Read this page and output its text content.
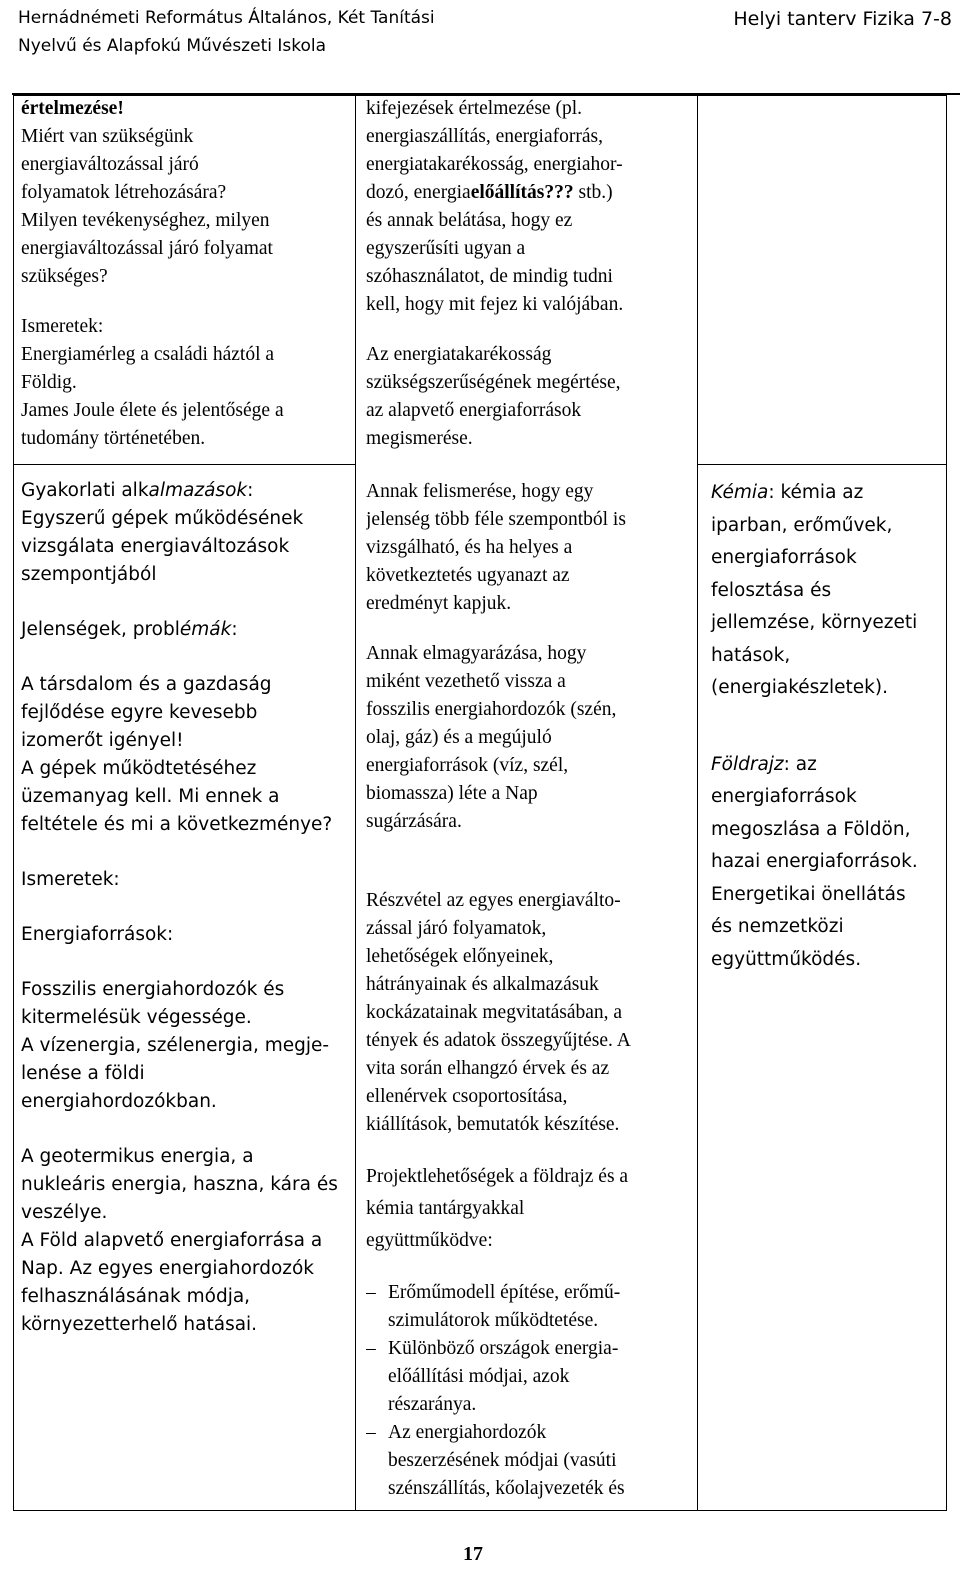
Hernádnémeti Református Általános, Két Tanítási
Nyelvű és Alapfokú Művészeti Iskola
Helyi tanterv Fizika 7-8
értelmezése!
Miért van szükségünk
energiaváltozással járó
folyamatok létrehozására?
Milyen tevékenységhez, milyen
energiaváltozással járó folyamat
szükséges?
Ismeretek:
Energiamérleg a családi háztól a
Földig.
James Joule élete és jelentősége a
tudomány történetében.
Gyakorlati alkalmazások:
Egyszerű gépek működésének
vizsgálata energiaváltozások
szempontjából
Jelenségek, problémák:
A társdalom és a gazdaság
fejlődése egyre kevesebb
izomerőt igényel!
A gépek működtetéséhez
üzemanyag kell. Mi ennek a
feltétele és mi a következménye?
Ismeretek:
Energiaforrások:
Fosszilis energiahordozók és
kitermelésük végessége.
A vízenergia, szélenergia, megje-
lenése a földi
energiahordozókban.
A geotermikus energia, a
nukleáris energia, haszna, kára és
veszélye.
A Föld alapvető energiaforrása a
Nap. Az egyes energiahordozók
felhasználásának módja,
környezetterhelő hatásai.
kifejezések értelmezése (pl.
energiaszállítás, energiaforrás,
energiatakarékosság, energiahor-
dozó, energiaelőállítás??? stb.)
és annak belátása, hogy ez
egyszerűsíti ugyan a
szóhasználatot, de mindig tudni
kell, hogy mit fejez ki valójában.
Az energiatakarékosság
szükségszerűségének megértése,
az alapvető energiaforrások
megismerése.
Annak felismerése, hogy egy
jelenség több féle szempontból is
vizsgálható, és ha helyes a
következtetés ugyanazt az
eredményt kapjuk.
Annak elmagyarázása, hogy
miként vezethető vissza a
fosszilis energiahordozók (szén,
olaj, gáz) és a megújuló
energiaforrások (víz, szél,
biomassza) léte a Nap
sugárzására.
Részvétel az egyes energiaválto-
zással járó folyamatok,
lehetőségek előnyeinek,
hátrányainak és alkalmazásuk
kockázatainak megvitatásában, a
tények és adatok összegyűjtése. A
vita során elhangzó érvek és az
ellenérvek csoportosítása,
kiállítások, bemutatók készítése.
Projektlehetőségek a földrajz és a
kémia tantárgyakkal
együttműködve:
– Erőműmodell építése, erőmű-
szimulátorok működtetése.
– Különböző országok energia-
előállítási módjai, azok
részaránya.
– Az energiahordozók
beszerzésének módjai (vasúti
szénszállítás, kőolajvezeték és
Kémia: kémia az
iparban, erőművek,
energiaforrások
felosztása és
jellemzése, környezeti
hatások,
(energiakészletek).
Földrajz: az
energiaforrások
megoszlása a Földön,
hazai energiaforrások.
Energetikai önellátás
és nemzetközi
együttműködés.
17
